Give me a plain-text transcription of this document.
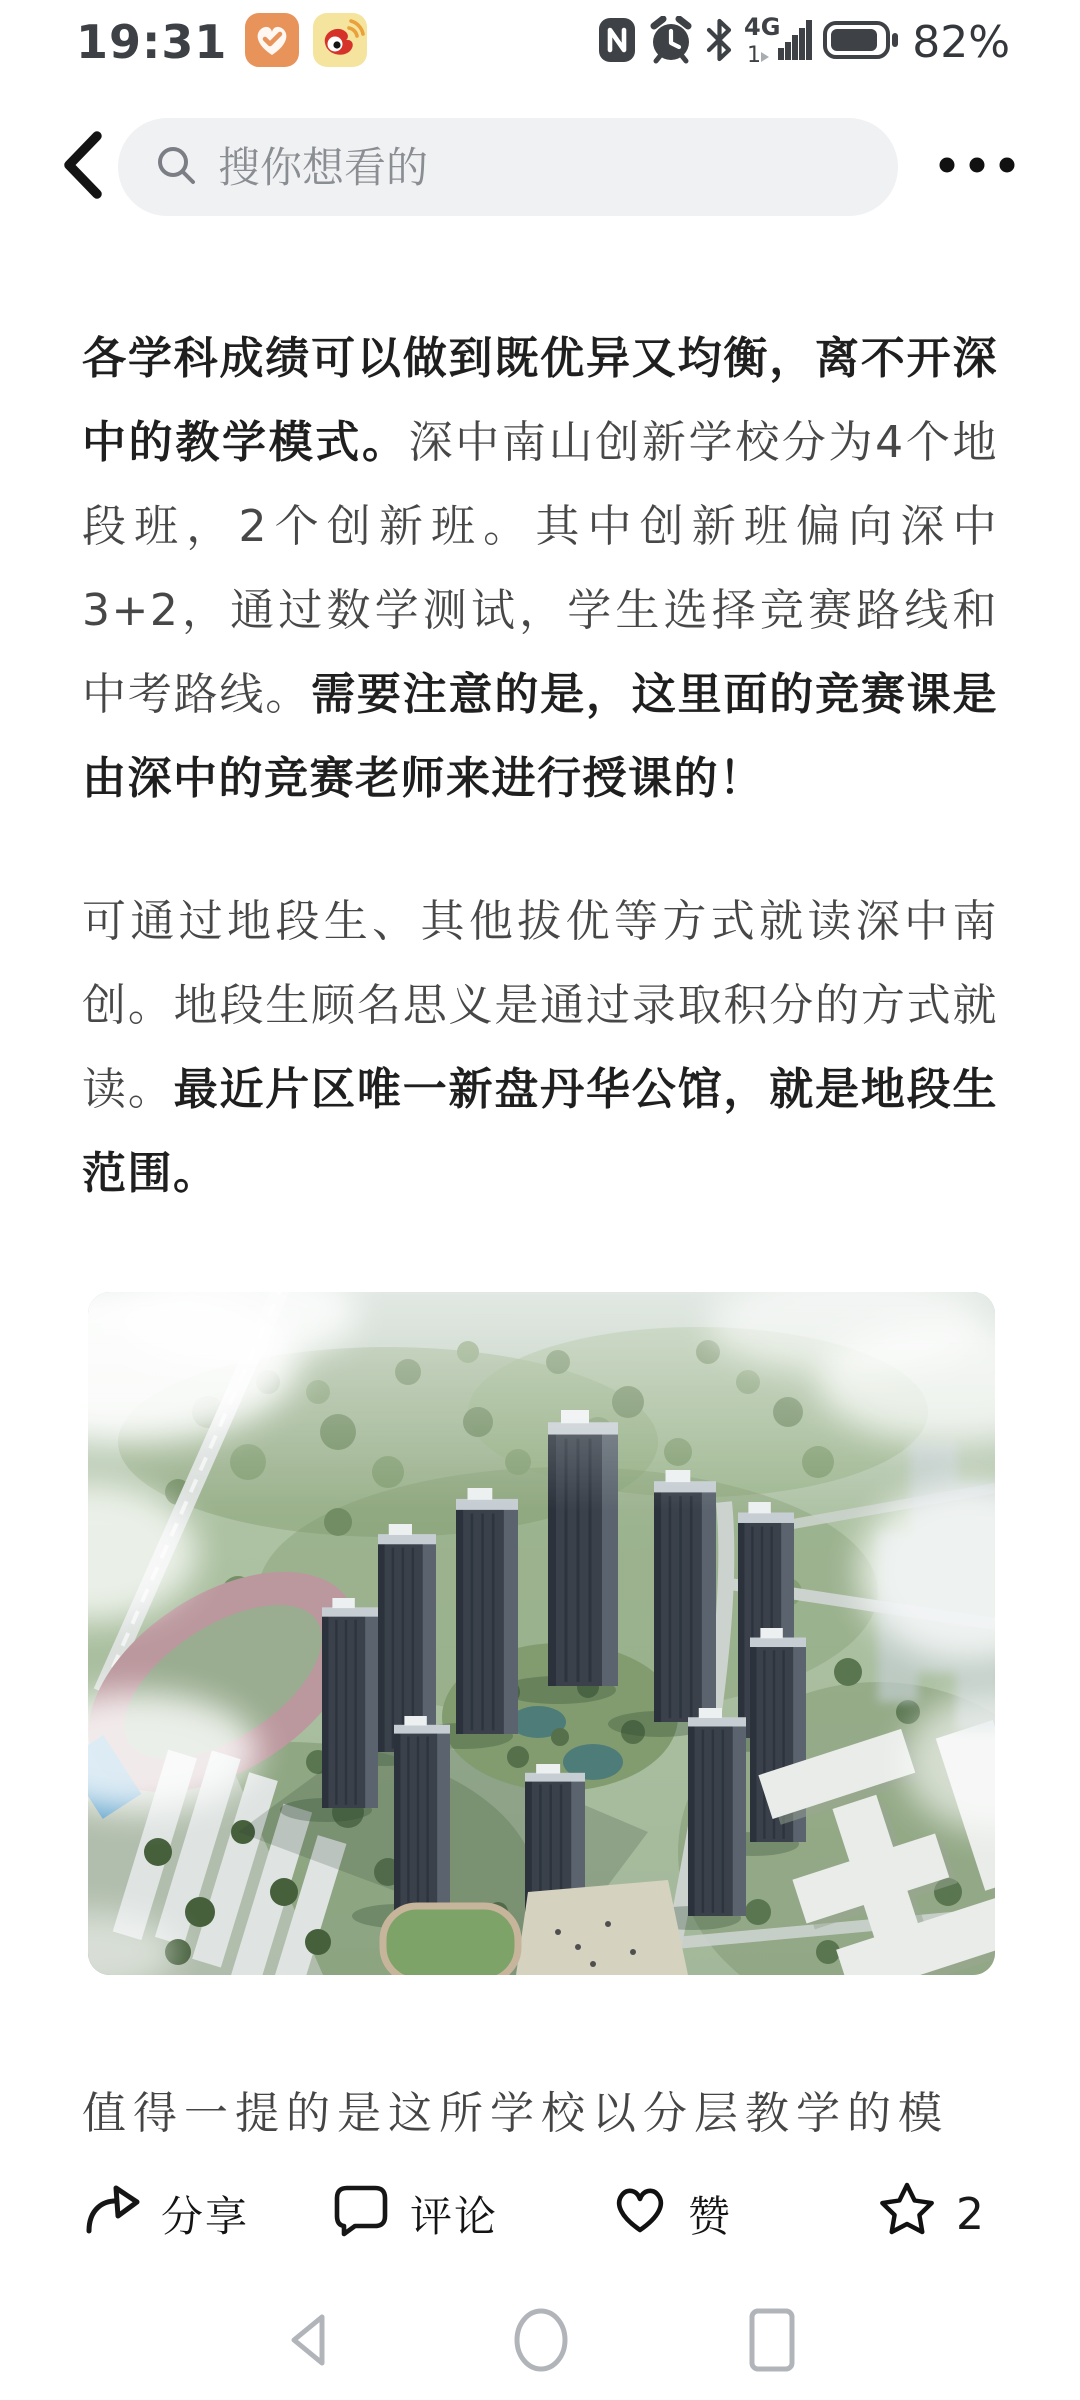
19:31	4G
1	82%
搜你想看的

各学科成绩可以做到既优异又均衡，离不开深中的教学模式。深中南山创新学校分为4个地段班，2个创新班。其中创新班偏向深中3+2，通过数学测试，学生选择竞赛路线和中考路线。需要注意的是，这里面的竞赛课是由深中的竞赛老师来进行授课的！

可通过地段生、其他拔优等方式就读深中南创。地段生顾名思义是通过录取积分的方式就读。最近片区唯一新盘丹华公馆，就是地段生范围。

值得一提的是这所学校以分层教学的模
分享	评论	赞	2
